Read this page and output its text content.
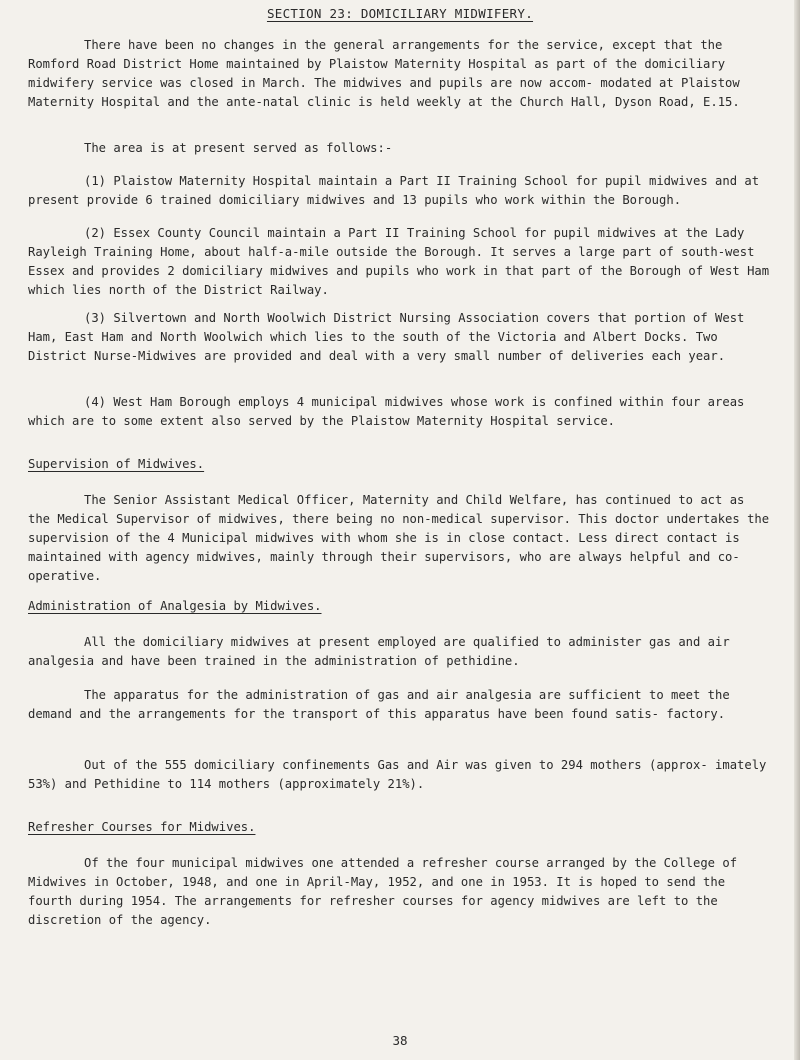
SECTION 23: DOMICILIARY MIDWIFERY.

There have been no changes in the general arrangements for the service, except that the Romford Road District Home maintained by Plaistow Maternity Hospital as part of the domiciliary midwifery service was closed in March. The midwives and pupils are now accom- modated at Plaistow Maternity Hospital and the ante-natal clinic is held weekly at the Church Hall, Dyson Road, E.15.

The area is at present served as follows:-

(1) Plaistow Maternity Hospital maintain a Part II Training School for pupil midwives and at present provide 6 trained domiciliary midwives and 13 pupils who work within the Borough.

(2) Essex County Council maintain a Part II Training School for pupil midwives at the Lady Rayleigh Training Home, about half-a-mile outside the Borough. It serves a large part of south-west Essex and provides 2 domiciliary midwives and pupils who work in that part of the Borough of West Ham which lies north of the District Railway.

(3) Silvertown and North Woolwich District Nursing Association covers that portion of West Ham, East Ham and North Woolwich which lies to the south of the Victoria and Albert Docks. Two District Nurse-Midwives are provided and deal with a very small number of deliveries each year.

(4) West Ham Borough employs 4 municipal midwives whose work is confined within four areas which are to some extent also served by the Plaistow Maternity Hospital service.

Supervision of Midwives.

The Senior Assistant Medical Officer, Maternity and Child Welfare, has continued to act as the Medical Supervisor of midwives, there being no non-medical supervisor. This doctor undertakes the supervision of the 4 Municipal midwives with whom she is in close contact. Less direct contact is maintained with agency midwives, mainly through their supervisors, who are always helpful and co-operative.

Administration of Analgesia by Midwives.

All the domiciliary midwives at present employed are qualified to administer gas and air analgesia and have been trained in the administration of pethidine.

The apparatus for the administration of gas and air analgesia are sufficient to meet the demand and the arrangements for the transport of this apparatus have been found satis- factory.

Out of the 555 domiciliary confinements Gas and Air was given to 294 mothers (approx- imately 53%) and Pethidine to 114 mothers (approximately 21%).

Refresher Courses for Midwives.

Of the four municipal midwives one attended a refresher course arranged by the College of Midwives in October, 1948, and one in April-May, 1952, and one in 1953. It is hoped to send the fourth during 1954. The arrangements for refresher courses for agency midwives are left to the discretion of the agency.

38
